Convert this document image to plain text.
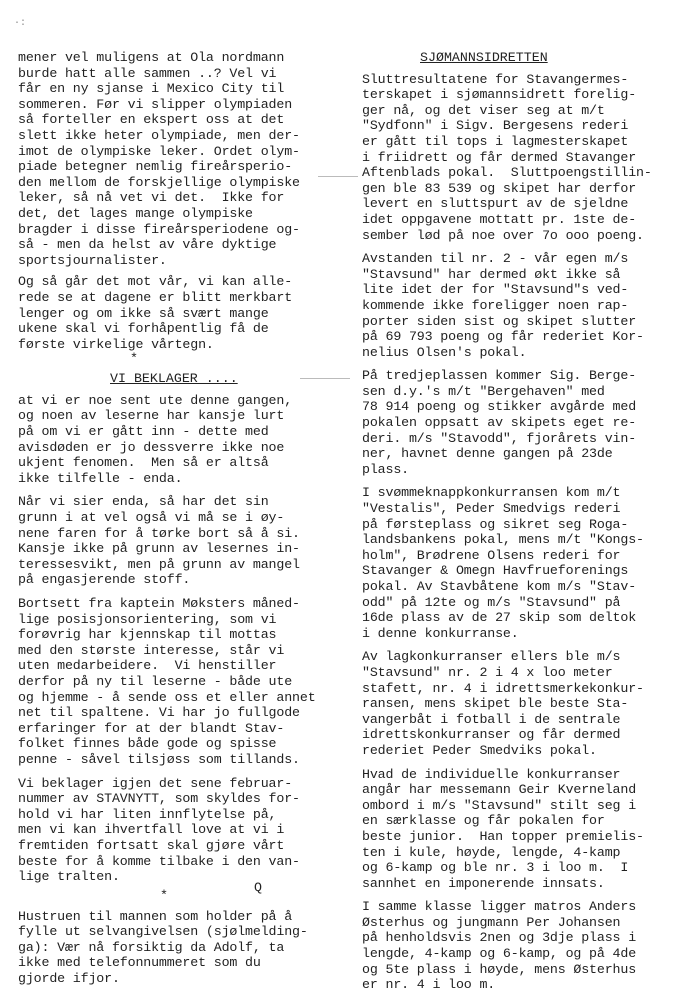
·:

mener vel muligens at Ola nordmann
burde hatt alle sammen ..? Vel vi
får en ny sjanse i Mexico City til
sommeren. Før vi slipper olympiaden
så forteller en ekspert oss at det
slett ikke heter olympiade, men der-
imot de olympiske leker. Ordet olym-
piade betegner nemlig fireårsperio-
den mellom de forskjellige olympiske
leker, så nå vet vi det.  Ikke for
det, det lages mange olympiske
bragder i disse fireårsperiodene og-
så - men da helst av våre dyktige
sportsjournalister.

Og så går det mot vår, vi kan alle-
rede se at dagene er blitt merkbart
lenger og om ikke så svært mange
ukene skal vi forhåpentlig få de
første virkelige vårtegn.

*

VI BEKLAGER ....

at vi er noe sent ute denne gangen,
og noen av leserne har kansje lurt
på om vi er gått inn - dette med
avisdøden er jo dessverre ikke noe
ukjent fenomen.  Men så er altså
ikke tilfelle - enda.

Når vi sier enda, så har det sin
grunn i at vel også vi må se i øy-
nene faren for å tørke bort så å si.
Kansje ikke på grunn av lesernes in-
teressesvikt, men på grunn av mangel
på engasjerende stoff.

Bortsett fra kaptein Møksters måned-
lige posisjonsorientering, som vi
forøvrig har kjennskap til mottas
med den største interesse, står vi
uten medarbeidere.  Vi henstiller
derfor på ny til leserne - både ute
og hjemme - å sende oss et eller annet
net til spaltene. Vi har jo fullgode
erfaringer for at der blandt Stav-
folket finnes både gode og spisse
penne - såvel tilsjøss som tillands.

Vi beklager igjen det sene februar-
nummer av STAVNYTT, som skyldes for-
hold vi har liten innflytelse på,
men vi kan ihvertfall love at vi i
fremtiden fortsatt skal gjøre vårt
beste for å komme tilbake i den van-
lige tralten.

*
Q

Hustruen til mannen som holder på å
fylle ut selvangivelsen (sjølmelding-
ga): Vær nå forsiktig da Adolf, ta
ikke med telefonnummeret som du
gjorde ifjor.

SJØMANNSIDRETTEN

Sluttresultatene for Stavangermes-
terskapet i sjømannsidrett forelig-
ger nå, og det viser seg at m/t
"Sydfonn" i Sigv. Bergesens rederi
er gått til tops i lagmesterskapet
i friidrett og får dermed Stavanger
Aftenblads pokal.  Sluttpoengstillin-
gen ble 83 539 og skipet har derfor
levert en sluttspurt av de sjeldne
idet oppgavene mottatt pr. 1ste de-
sember lød på noe over 7o ooo poeng.

Avstanden til nr. 2 - vår egen m/s
"Stavsund" har dermed økt ikke så
lite idet der for "Stavsund"s ved-
kommende ikke foreligger noen rap-
porter siden sist og skipet slutter
på 69 793 poeng og får rederiet Kor-
nelius Olsen's pokal.

På tredjeplassen kommer Sig. Berge-
sen d.y.'s m/t "Bergehaven" med
78 914 poeng og stikker avgårde med
pokalen oppsatt av skipets eget re-
deri. m/s "Stavodd", fjorårets vin-
ner, havnet denne gangen på 23de
plass.

I svømmeknappkonkurransen kom m/t
"Vestalis", Peder Smedvigs rederi
på førsteplass og sikret seg Roga-
landsbankens pokal, mens m/t "Kongs-
holm", Brødrene Olsens rederi for
Stavanger & Omegn Havfrueforenings
pokal. Av Stavbåtene kom m/s "Stav-
odd" på 12te og m/s "Stavsund" på
16de plass av de 27 skip som deltok
i denne konkurranse.

Av lagkonkurranser ellers ble m/s
"Stavsund" nr. 2 i 4 x loo meter
stafett, nr. 4 i idrettsmerkekonkur-
ransen, mens skipet ble beste Sta-
vangerbåt i fotball i de sentrale
idrettskonkurranser og får dermed
rederiet Peder Smedviks pokal.

Hvad de individuelle konkurranser
angår har messemann Geir Kverneland
ombord i m/s "Stavsund" stilt seg i
en særklasse og får pokalen for
beste junior.  Han topper premielis-
ten i kule, høyde, lengde, 4-kamp
og 6-kamp og ble nr. 3 i loo m.  I
sannhet en imponerende innsats.

I samme klasse ligger matros Anders
Østerhus og jungmann Per Johansen
på henholdsvis 2nen og 3dje plass i
lengde, 4-kamp og 6-kamp, og på 4de
og 5te plass i høyde, mens Østerhus
er nr. 4 i loo m.
